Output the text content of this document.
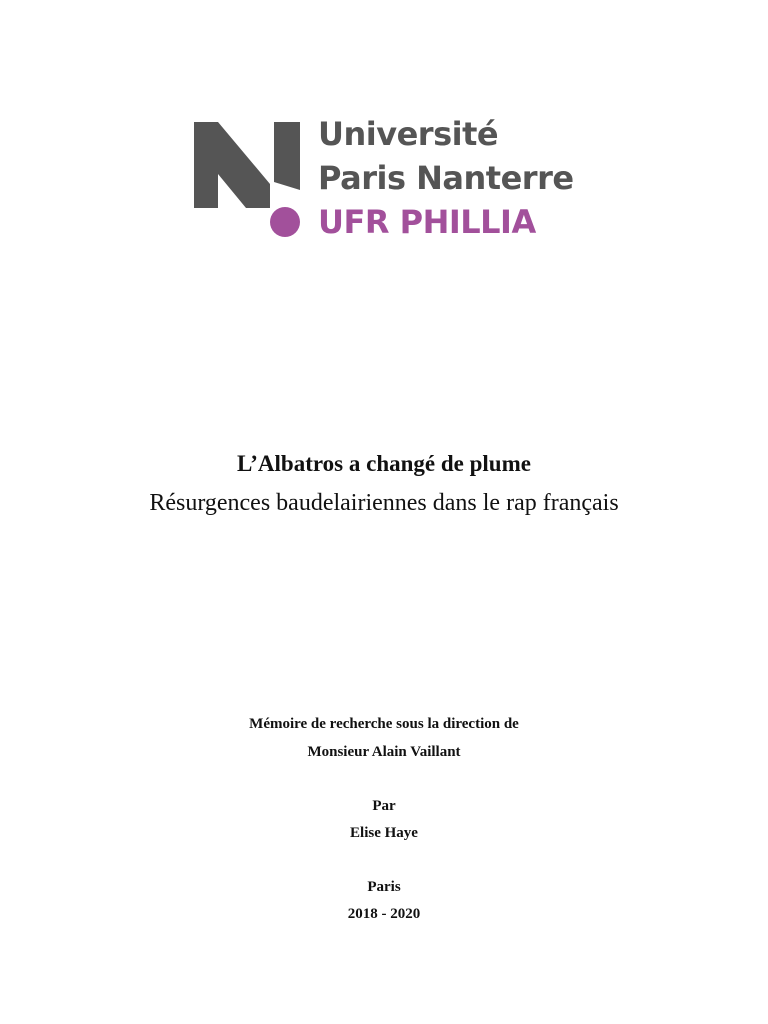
Université
Paris Nanterre
UFR PHILLIA
L’Albatros a changé de plume
Résurgences baudelairiennes dans le rap français
Mémoire de recherche sous la direction de
Monsieur Alain Vaillant
Par
Elise Haye
Paris
2018 - 2020
